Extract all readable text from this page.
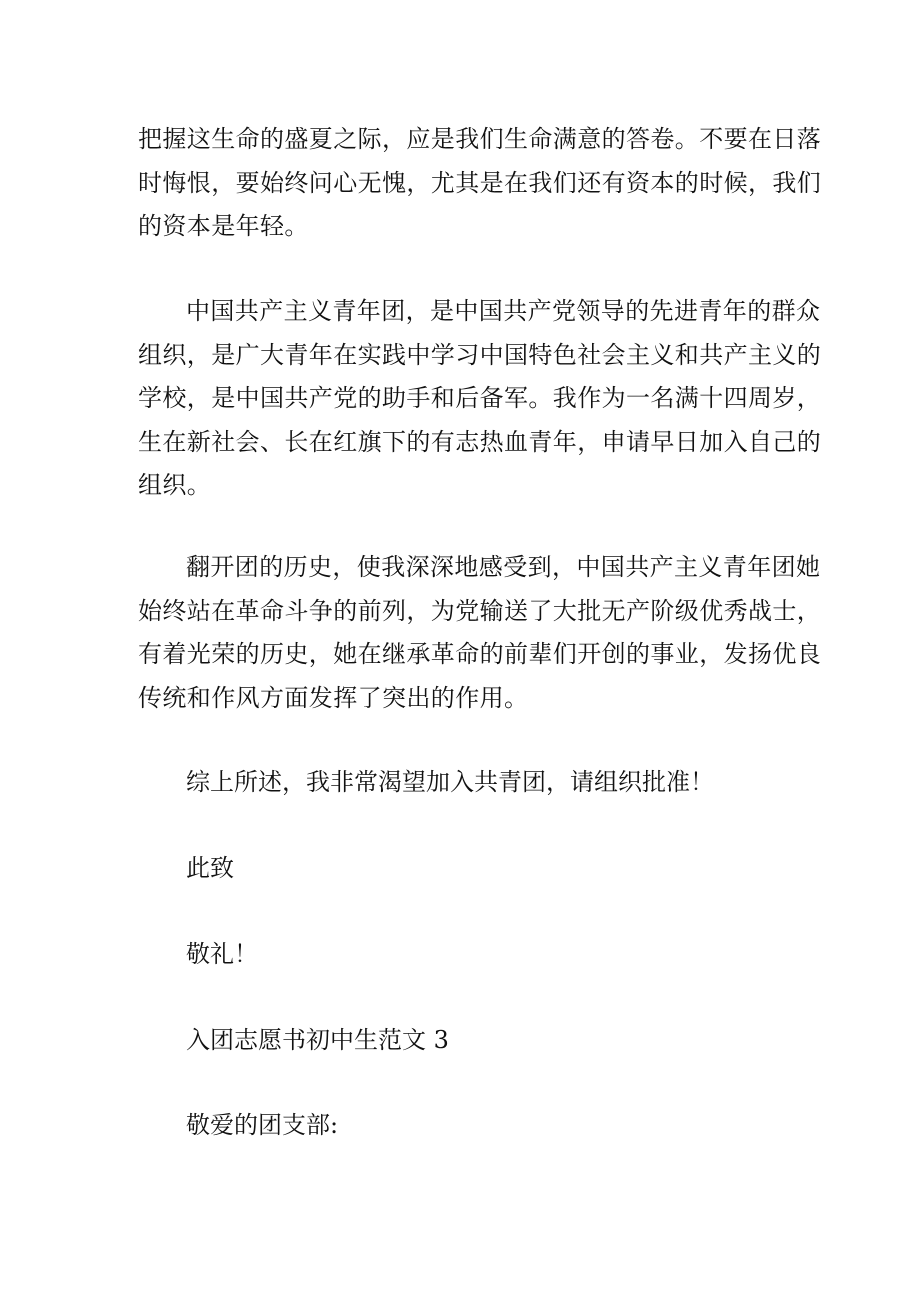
把握这生命的盛夏之际，应是我们生命满意的答卷。不要在日落
时悔恨，要始终问心无愧，尤其是在我们还有资本的时候，我们
的资本是年轻。

中国共产主义青年团，是中国共产党领导的先进青年的群众
组织，是广大青年在实践中学习中国特色社会主义和共产主义的
学校，是中国共产党的助手和后备军。我作为一名满十四周岁，
生在新社会、长在红旗下的有志热血青年，申请早日加入自己的
组织。

翻开团的历史，使我深深地感受到，中国共产主义青年团她
始终站在革命斗争的前列，为党输送了大批无产阶级优秀战士，
有着光荣的历史，她在继承革命的前辈们开创的事业，发扬优良
传统和作风方面发挥了突出的作用。

综上所述，我非常渴望加入共青团，请组织批准！

此致

敬礼！

入团志愿书初中生范文 3

敬爱的团支部:
